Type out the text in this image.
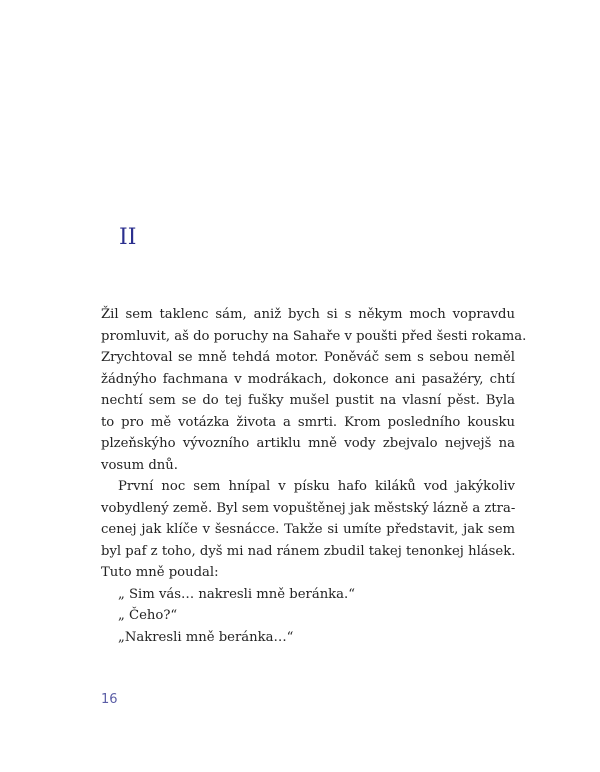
II

Žil sem taklenc sám, aniž bych si s někym moch vopravdu
promluvit, aš do poruchy na Sahaře v poušti před šesti rokama.
Zrychtoval se mně tehdá motor. Poněváč sem s sebou neměl
žádnýho fachmana v modrákach, dokonce ani pasažéry, chtí
nechtí sem se do tej fušky mušel pustit na vlasní pěst. Byla
to pro mě votázka života a smrti. Krom posledního kousku
plzeňskýho vývozního artiklu mně vody zbejvalo nejvejš na
vosum dnů.

První noc sem hnípal v písku hafo kiláků vod jakýkoliv
vobydlený země. Byl sem vopuštěnej jak městský lázně a ztra-
cenej jak klíče v šesnácce. Takže si umíte představit, jak sem
byl paf z toho, dyš mi nad ránem zbudil takej tenonkej hlásek.
Tuto mně poudal:

„ Sim vás… nakresli mně beránka.“

„ Čeho?“

„Nakresli mně beránka…“

16
